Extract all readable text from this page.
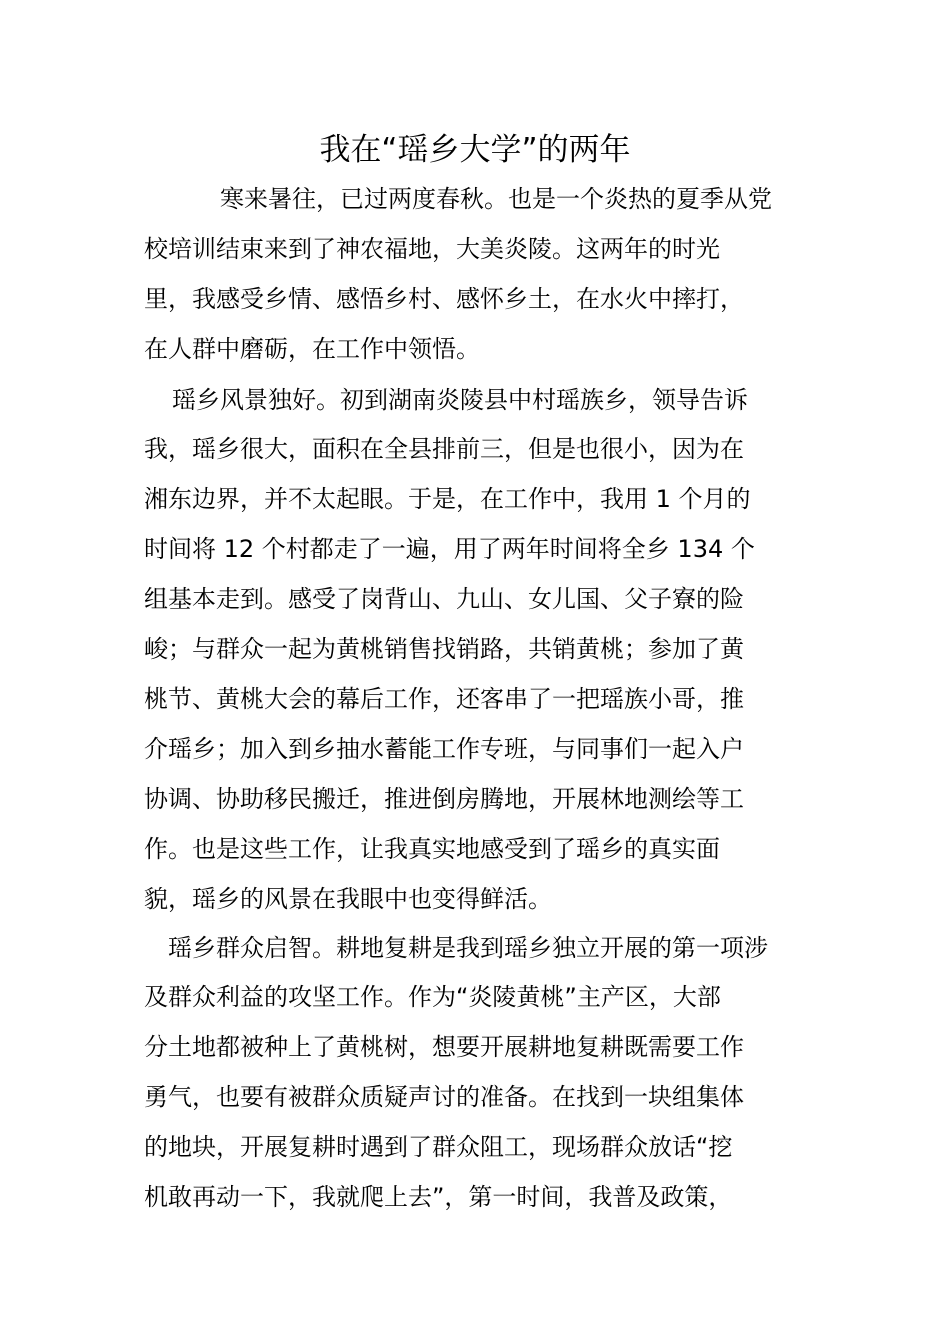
我在“瑶乡大学”的两年
寒来暑往，已过两度春秋。也是一个炎热的夏季从党
校培训结束来到了神农福地，大美炎陵。这两年的时光
里，我感受乡情、感悟乡村、感怀乡土，在水火中摔打，
在人群中磨砺，在工作中领悟。
瑶乡风景独好。初到湖南炎陵县中村瑶族乡，领导告诉
我，瑶乡很大，面积在全县排前三，但是也很小，因为在
湘东边界，并不太起眼。于是，在工作中，我用 1 个月的
时间将 12 个村都走了一遍，用了两年时间将全乡 134 个
组基本走到。感受了岗背山、九山、女儿国、父子寮的险
峻；与群众一起为黄桃销售找销路，共销黄桃；参加了黄
桃节、黄桃大会的幕后工作，还客串了一把瑶族小哥，推
介瑶乡；加入到乡抽水蓄能工作专班，与同事们一起入户
协调、协助移民搬迁，推进倒房腾地，开展林地测绘等工
作。也是这些工作，让我真实地感受到了瑶乡的真实面
貌，瑶乡的风景在我眼中也变得鲜活。
瑶乡群众启智。耕地复耕是我到瑶乡独立开展的第一项涉
及群众利益的攻坚工作。作为“炎陵黄桃”主产区，大部
分土地都被种上了黄桃树，想要开展耕地复耕既需要工作
勇气，也要有被群众质疑声讨的准备。在找到一块组集体
的地块，开展复耕时遇到了群众阻工，现场群众放话“挖
机敢再动一下，我就爬上去”，第一时间，我普及政策，
